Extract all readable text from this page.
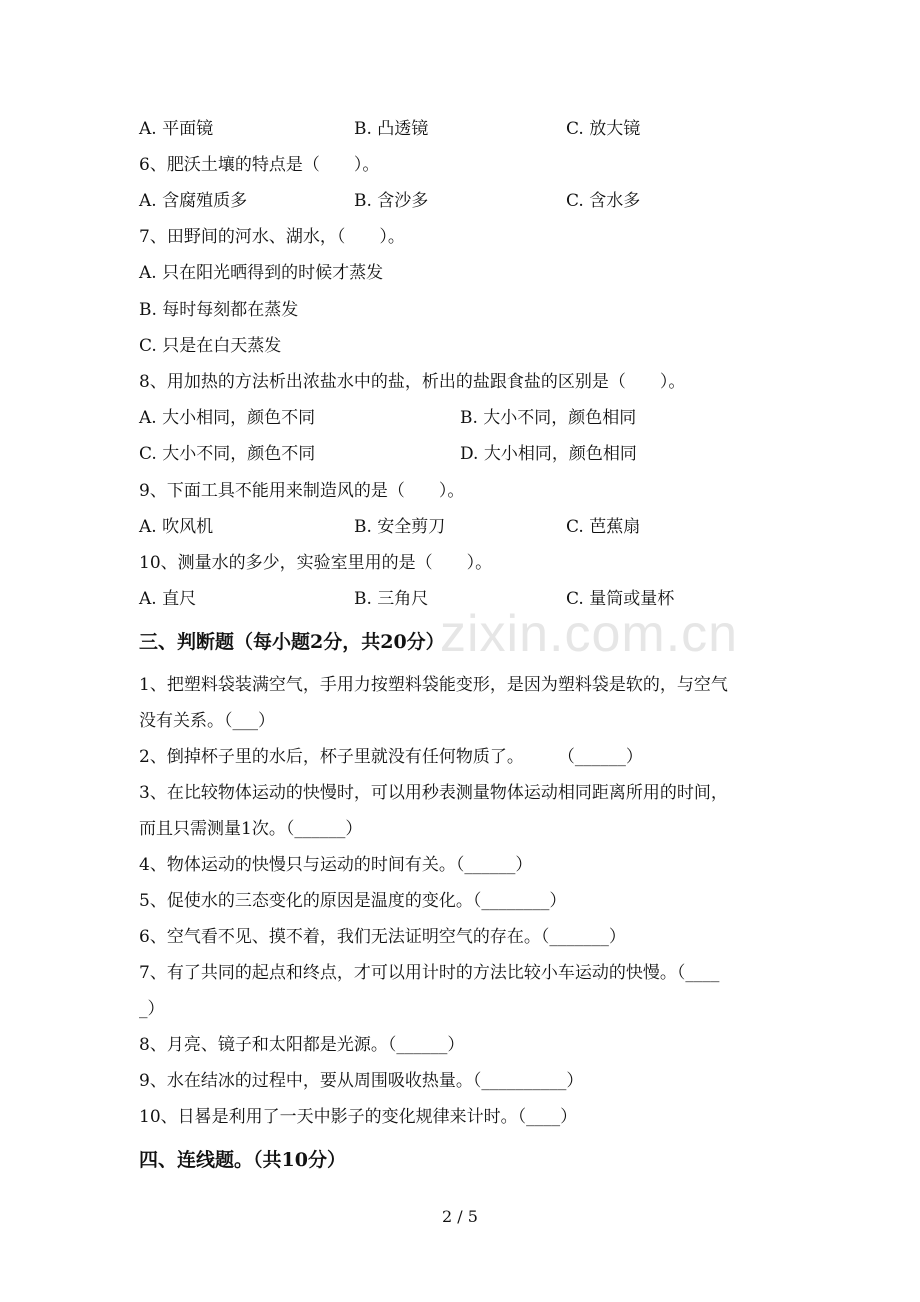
zixin.com.cn
A. 平面镜	B. 凸透镜	C. 放大镜
6、肥沃土壤的特点是（　　）。
A. 含腐殖质多	B. 含沙多	C. 含水多
7、田野间的河水、湖水，（　　）。
A. 只在阳光晒得到的时候才蒸发
B. 每时每刻都在蒸发
C. 只是在白天蒸发
8、用加热的方法析出浓盐水中的盐，析出的盐跟食盐的区别是（　　）。
A. 大小相同，颜色不同	B. 大小不同，颜色相同
C. 大小不同，颜色不同	D. 大小相同，颜色相同
9、下面工具不能用来制造风的是（　　）。
A. 吹风机	B. 安全剪刀	C. 芭蕉扇
10、测量水的多少，实验室里用的是（　　）。
A. 直尺	B. 三角尺	C. 量筒或量杯
三、判断题（每小题2分，共20分）
1、把塑料袋装满空气，手用力按塑料袋能变形，是因为塑料袋是软的，与空气
没有关系。（___）
2、倒掉杯子里的水后，杯子里就没有任何物质了。　　　（______）
3、在比较物体运动的快慢时，可以用秒表测量物体运动相同距离所用的时间，
而且只需测量1次。（______）
4、物体运动的快慢只与运动的时间有关。（______）
5、促使水的三态变化的原因是温度的变化。（________）
6、空气看不见、摸不着，我们无法证明空气的存在。（_______）
7、有了共同的起点和终点，才可以用计时的方法比较小车运动的快慢。（____
_）
8、月亮、镜子和太阳都是光源。（______）
9、水在结冰的过程中，要从周围吸收热量。（__________）
10、日晷是利用了一天中影子的变化规律来计时。（____）
四、连线题。（共10分）
2 / 5
